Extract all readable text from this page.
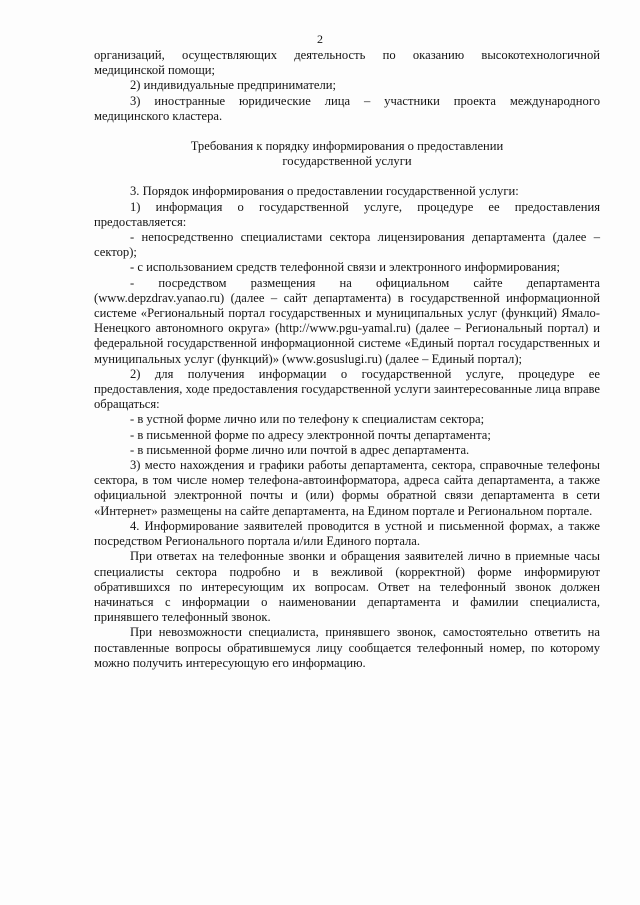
2

организаций, осуществляющих деятельность по оказанию высокотехнологичной медицинской помощи;

2) индивидуальные предприниматели;

3) иностранные юридические лица – участники проекта международного медицинского кластера.

Требования к порядку информирования о предоставлении государственной услуги

3. Порядок информирования о предоставлении государственной услуги:

1) информация о государственной услуге, процедуре ее предоставления предоставляется:

- непосредственно специалистами сектора лицензирования департамента (далее – сектор);

- с использованием средств телефонной связи и электронного информирования;

- посредством размещения на официальном сайте департамента (www.depzdrav.yanao.ru) (далее – сайт департамента) в государственной информационной системе «Региональный портал государственных и муниципальных услуг (функций) Ямало-Ненецкого автономного округа» (http://www.pgu-yamal.ru) (далее – Региональный портал) и федеральной государственной информационной системе «Единый портал государственных и муниципальных услуг (функций)» (www.gosuslugi.ru) (далее – Единый портал);

2) для получения информации о государственной услуге, процедуре ее предоставления, ходе предоставления государственной услуги заинтересованные лица вправе обращаться:

- в устной форме лично или по телефону к специалистам сектора;

- в письменной форме по адресу электронной почты департамента;

- в письменной форме лично или почтой в адрес департамента.

3) место нахождения и графики работы департамента, сектора, справочные телефоны сектора, в том числе номер телефона-автоинформатора, адреса сайта департамента, а также официальной электронной почты и (или) формы обратной связи департамента в сети «Интернет» размещены на сайте департамента, на Едином портале и Региональном портале.

4. Информирование заявителей проводится в устной и письменной формах, а также посредством Регионального портала и/или Единого портала.

При ответах на телефонные звонки и обращения заявителей лично в приемные часы специалисты сектора подробно и в вежливой (корректной) форме информируют обратившихся по интересующим их вопросам. Ответ на телефонный звонок должен начинаться с информации о наименовании департамента и фамилии специалиста, принявшего телефонный звонок.

При невозможности специалиста, принявшего звонок, самостоятельно ответить на поставленные вопросы обратившемуся лицу сообщается телефонный номер, по которому можно получить интересующую его информацию.
